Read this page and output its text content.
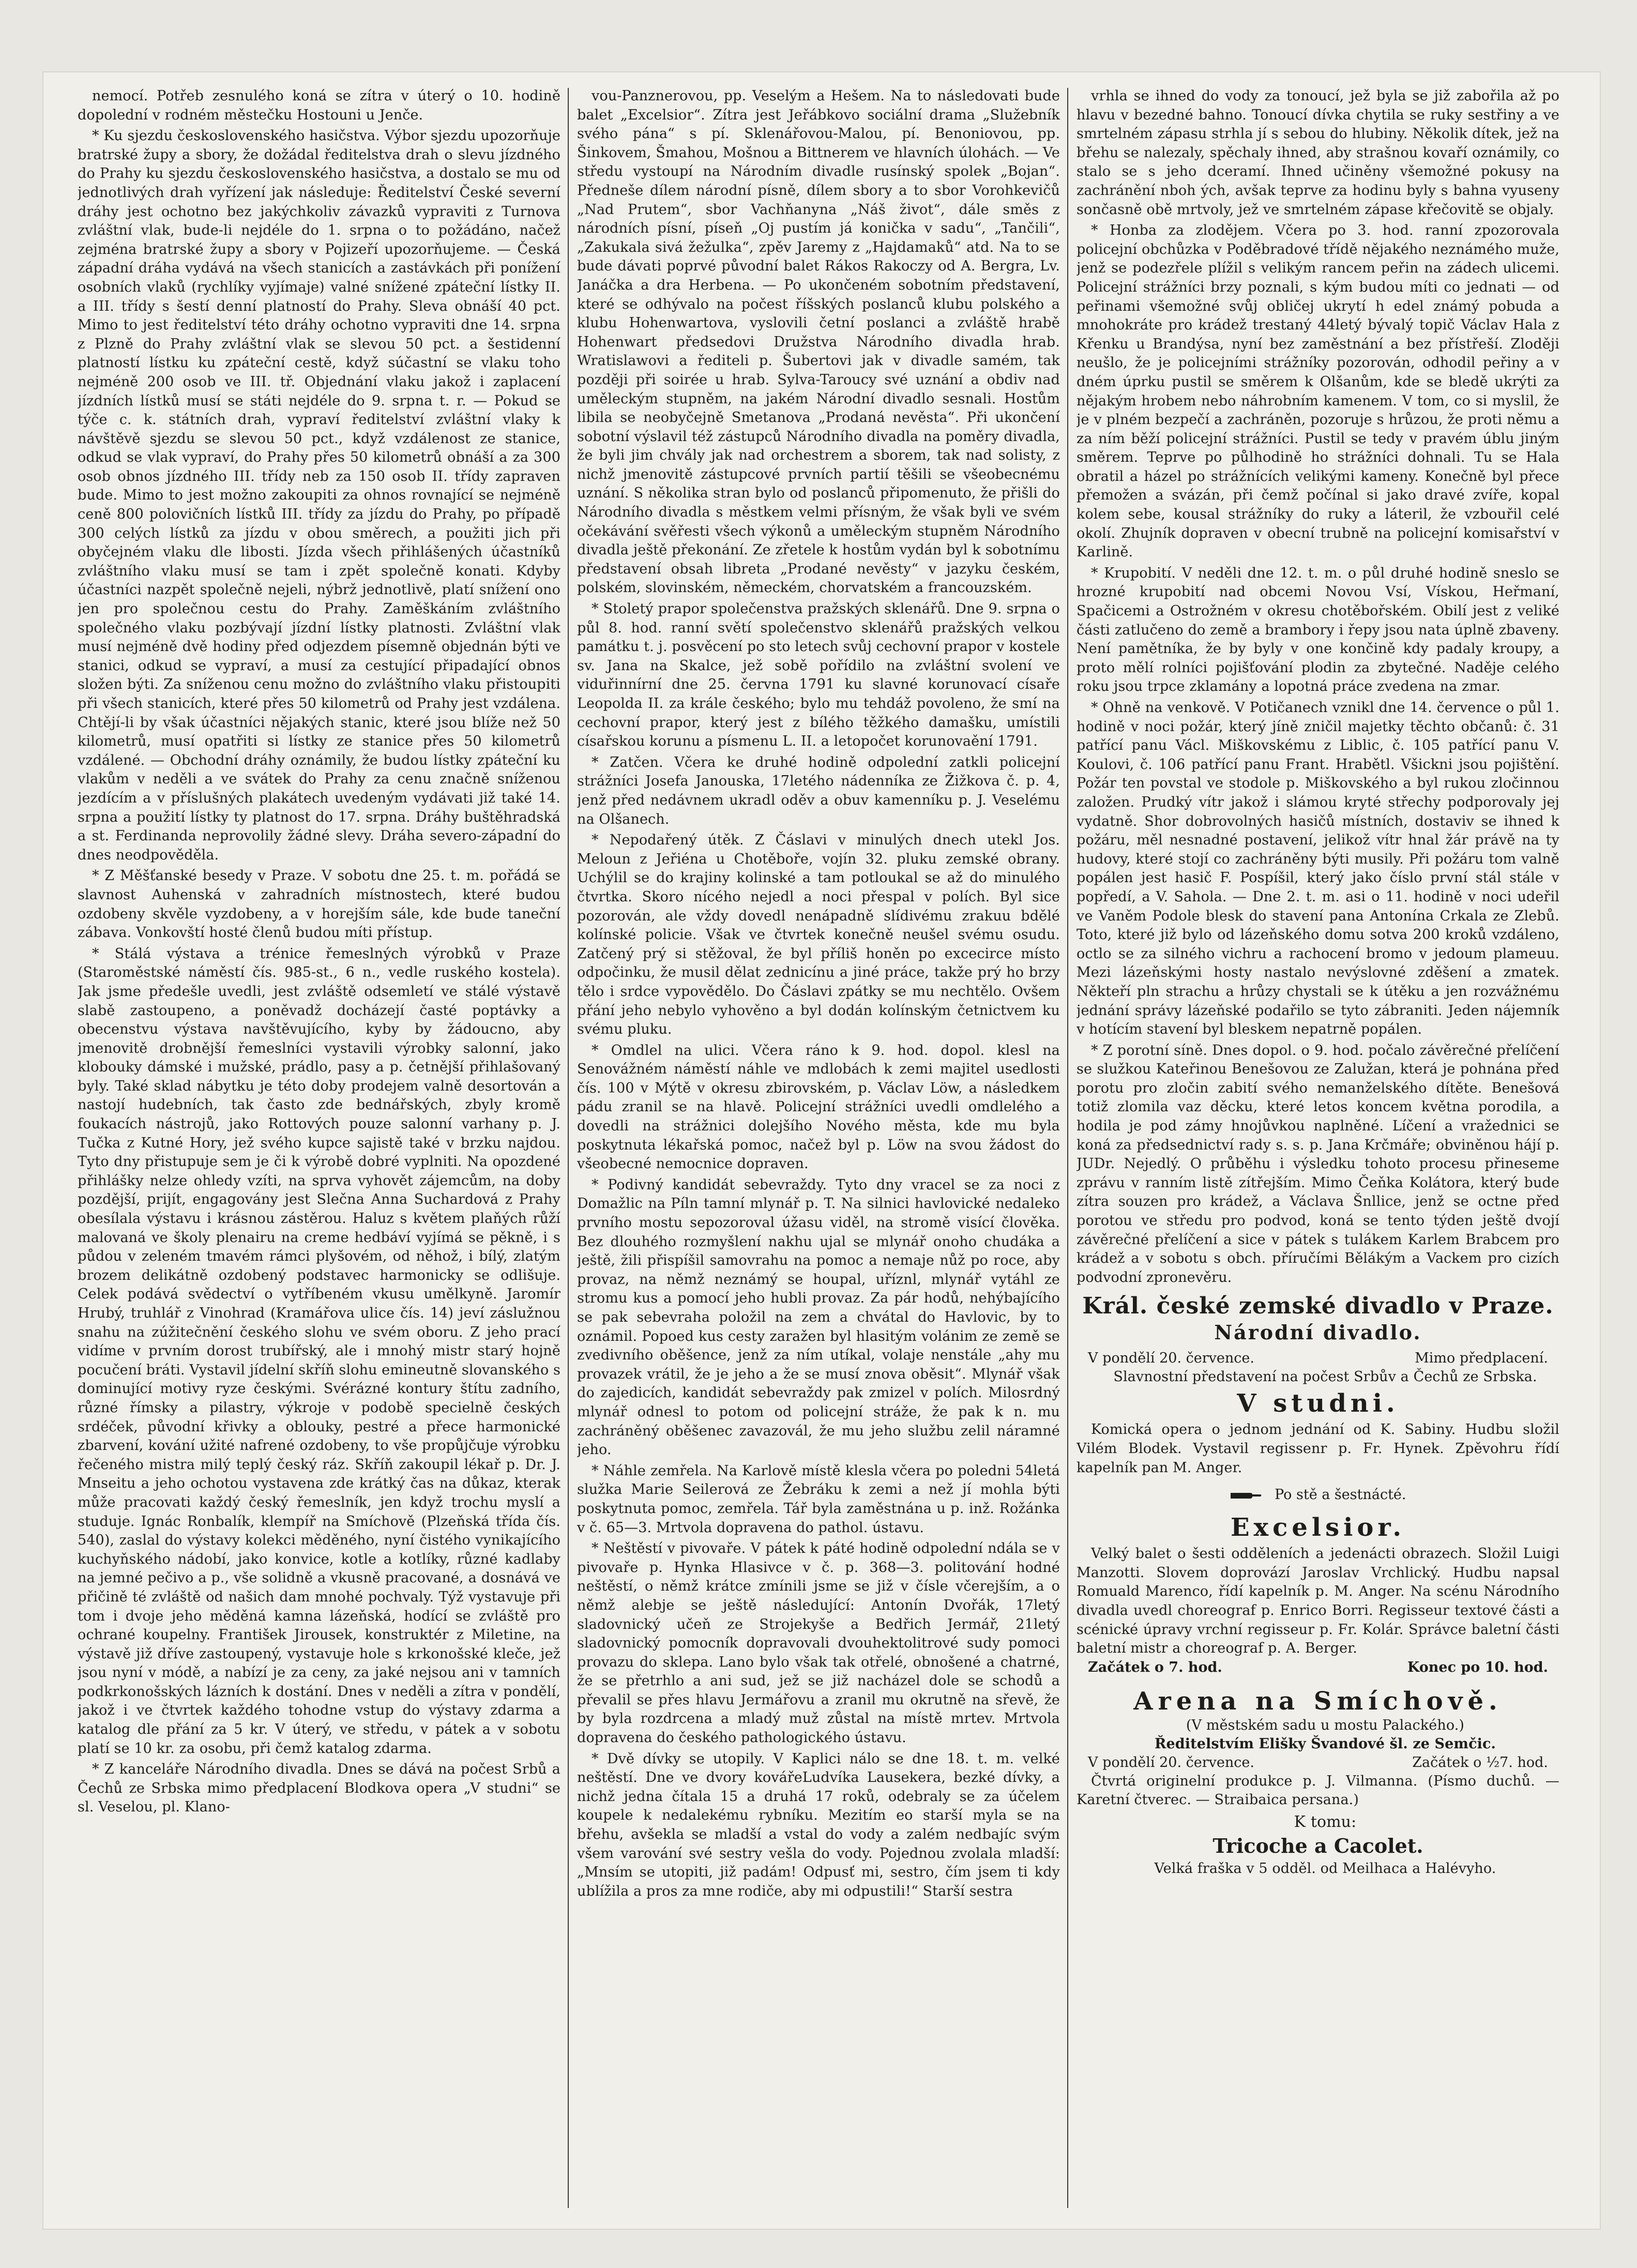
nemocí. Potřeb zesnulého koná se zítra v úterý o 10. hodině dopolední v rodném městečku Hostouni u Jenče.

* Ku sjezdu československého hasičstva. Výbor sjezdu upozorňuje bratrské župy a sbory, že dožádal ředitelstva drah o slevu jízdného do Prahy ku sjezdu československého hasičstva, a dostalo se mu od jednotlivých drah vyřízení jak následuje: Ředitelství České severní dráhy jest ochotno bez jakýchkoliv závazků vypraviti z Turnova zvláštní vlak, bude-li nejdéle do 1. srpna o to požádáno, načež zejména bratrské župy a sbory v Pojizeří upozorňujeme. — Česká západní dráha vydává na všech stanicích a zastávkách při ponížení osobních vlaků (rychlíky vyjímaje) valné snížené zpáteční lístky II. a III. třídy s šestí denní platností do Prahy. Sleva obnáší 40 pct. Mimo to jest ředitelství této dráhy ochotno vypraviti dne 14. srpna z Plzně do Prahy zvláštní vlak se slevou 50 pct. a šestidenní platností lístku ku zpáteční cestě, když súčastní se vlaku toho nejméně 200 osob ve III. tř. Objednání vlaku jakož i zaplacení jízdních lístků musí se státi nejdéle do 9. srpna t. r. — Pokud se týče c. k. státních drah, vypraví ředitelství zvláštní vlaky k návštěvě sjezdu se slevou 50 pct., když vzdálenost ze stanice, odkud se vlak vypraví, do Prahy přes 50 kilometrů obnáší a za 300 osob obnos jízdného III. třídy neb za 150 osob II. třídy zapraven bude. Mimo to jest možno zakoupiti za ohnos rovnající se nejméně ceně 800 polovičních lístků III. třídy za jízdu do Prahy, po případě 300 celých lístků za jízdu v obou směrech, a použiti jich při obyčejném vlaku dle libosti. Jízda všech přihlášených účastníků zvláštního vlaku musí se tam i zpět společně konati. Kdyby účastníci nazpět společně nejeli, nýbrž jednotlivě, platí snížení ono jen pro společnou cestu do Prahy. Zaměškáním zvláštního společného vlaku pozbývají jízdní lístky platnosti. Zvláštní vlak musí nejméně dvě hodiny před odjezdem písemně objednán býti ve stanici, odkud se vypraví, a musí za cestující připadající obnos složen býti. Za sníženou cenu možno do zvláštního vlaku přistoupiti při všech stanicích, které přes 50 kilometrů od Prahy jest vzdálena. Chtějí-li by však účastníci nějakých stanic, které jsou blíže než 50 kilometrů, musí opatřiti si lístky ze stanice přes 50 kilometrů vzdálené. — Obchodní dráhy oznámily, že budou lístky zpáteční ku vlakům v neděli a ve svátek do Prahy za cenu značně sníženou jezdícím a v příslušných plakátech uvedeným vydávati již také 14. srpna a použití lístky ty platnost do 17. srpna. Dráhy buštěhradská a st. Ferdinanda neprovolily žádné slevy. Dráha severo-západní do dnes neodpověděla.

* Z Měšťanské besedy v Praze. V sobotu dne 25. t. m. pořádá se slavnost Auhenská v zahradních místnostech, které budou ozdobeny skvěle vyzdobeny, a v horejším sále, kde bude taneční zábava. Vonkovští hosté členů budou míti přístup.

* Stálá výstava a trénice řemeslných výrobků v Praze (Staroměstské náměstí čís. 985-st., 6 n., vedle ruského kostela). Jak jsme předešle uvedli, jest zvláště odsemletí ve stálé výstavě slabě zastoupeno, a poněvadž docházejí časté poptávky a obecenstvu výstava navštěvujícího, kyby by žádoucno, aby jmenovitě drobnější řemeslníci vystavili výrobky salonní, jako klobouky dámské i mužské, prádlo, pasy a p. četnější přihlašovaný byly. Také sklad nábytku je této doby prodejem valně desortován a nastojí hudebních, tak často zde bednářských, zbyly kromě foukacích nástrojů, jako Rottových pouze salonní varhany p. J. Tučka z Kutné Hory, jež svého kupce sajistě také v brzku najdou. Tyto dny přistupuje sem je či k výrobě dobré vyplniti. Na opozdené přihlášky nelze ohledy vzíti, na sprva vyhovět zájemcům, na doby pozdější, prijít, engagovány jest Slečna Anna Suchardová z Prahy obesílala výstavu i krásnou zástěrou. Haluz s květem plaňých růží malovaná ve školy plenairu na creme hedbáví vyjímá se pěkně, i s půdou v zeleném tmavém rámci plyšovém, od něhož, i bílý, zlatým brozem delikátně ozdobený podstavec harmonicky se odlišuje. Celek podává svědectví o vytříbeném vkusu umělkyně. Jaromír Hrubý, truhlář z Vinohrad (Kramářova ulice čís. 14) jeví záslužnou snahu na zúžitečnění českého slohu ve svém oboru. Z jeho prací vidíme v prvním dorost trubířský, ale i mnohý mistr starý hojně pocučení bráti. Vystavil jídelní skříň slohu emineutně slovanského s dominující motivy ryze českými. Svérázné kontury štítu zadního, různé římsky a pilastry, výkroje v podobě specielně českých srdéček, původní křivky a oblouky, pestré a přece harmonické zbarvení, kování užité nafrené ozdobeny, to vše propůjčuje výrobku řečeného mistra milý teplý český ráz. Skříň zakoupil lékař p. Dr. J. Mnseitu a jeho ochotou vystavena zde krátký čas na důkaz, kterak může pracovati každý český řemeslník, jen když trochu myslí a studuje. Ignác Ronbalík, klempíř na Smíchově (Plzeňská třída čís. 540), zaslal do výstavy kolekci měděného, nyní čistého vynikajícího kuchyňského nádobí, jako konvice, kotle a kotlíky, různé kadlaby na jemné pečivo a p., vše solidně a vkusně pracované, a dosnává ve přičině té zvláště od našich dam mnohé pochvaly. Týž vystavuje při tom i dvoje jeho měděná kamna lázeňská, hodící se zvláště pro ochrané koupelny. František Jirousek, konstruktér z Miletine, na výstavě již dříve zastoupený, vystavuje hole s krkonošské kleče, jež jsou nyní v módě, a nabízí je za ceny, za jaké nejsou ani v tamních podkrkonošských lázních k dostání. Dnes v neděli a zítra v pondělí, jakož i ve čtvrtek každého tohodne vstup do výstavy zdarma a katalog dle přání za 5 kr. V úterý, ve středu, v pátek a v sobotu platí se 10 kr. za osobu, při čemž katalog zdarma.

* Z kanceláře Národního divadla. Dnes se dává na počest Srbů a Čechů ze Srbska mimo předplacení Blodkova opera „V studni“ se sl. Veselou, pl. Klano-

vou-Panznerovou, pp. Veselým a Hešem. Na to následovati bude balet „Excelsior“. Zítra jest Jeřábkovo sociální drama „Služebník svého pána“ s pí. Sklenářovou-Malou, pí. Benoniovou, pp. Šinkovem, Šmahou, Mošnou a Bittnerem ve hlavních úlohách. — Ve středu vystoupí na Národním divadle rusínský spolek „Bojan“. Předneše dílem národní písně, dílem sbory a to sbor Vorohkevičů „Nad Prutem“, sbor Vachňanyna „Náš život“, dále směs z národních písní, píseň „Oj pustím já konička v sadu“, „Tančili“, „Zakukala sivá žežulka“, zpěv Jaremy z „Hajdamaků“ atd. Na to se bude dávati poprvé původní balet Rákos Rakoczy od A. Bergra, Lv. Janáčka a dra Herbena. — Po ukončeném sobotním představení, které se odhývalo na počest říšských poslanců klubu polského a klubu Hohenwartova, vyslovili četní poslanci a zvláště hrabě Hohenwart předsedovi Družstva Národního divadla hrab. Wratislawovi a řediteli p. Šubertovi jak v divadle samém, tak později při soirée u hrab. Sylva-Taroucy své uznání a obdiv nad uměleckým stupněm, na jakém Národní divadlo sesnali. Hostům libila se neobyčejně Smetanova „Prodaná nevěsta“. Při ukončení sobotní výslavil též zástupců Národního divadla na poměry divadla, že byli jim chvály jak nad orchestrem a sborem, tak nad solisty, z nichž jmenovitě zástupcové prvních partií těšili se všeobecnému uznání. S několika stran bylo od poslanců připomenuto, že přišli do Národního divadla s městkem velmi přísným, že však byli ve svém očekávání svěřesti všech výkonů a uměleckým stupněm Národního divadla ještě překonání. Ze zřetele k hostům vydán byl k sobotnímu představení obsah libreta „Prodané nevěsty“ v jazyku českém, polském, slovinském, německém, chorvatském a francouzském.

* Stoletý prapor společenstva pražských sklenářů. Dne 9. srpna o půl 8. hod. ranní světí společenstvo sklenářů pražských velkou památku t. j. posvěcení po sto letech svůj cechovní prapor v kostele sv. Jana na Skalce, jež sobě pořídilo na zvláštní svolení ve viduřinnírní dne 25. června 1791 ku slavné korunovací císaře Leopolda II. za krále českého; bylo mu tehdáž povoleno, že smí na cechovní prapor, který jest z bílého těžkého damašku, umístili císařskou korunu a písmenu L. II. a letopočet korunovaění 1791.

* Zatčen. Včera ke druhé hodině odpolední zatkli policejní strážníci Josefa Janouska, 17letého nádenníka ze Žižkova č. p. 4, jenž před nedávnem ukradl oděv a obuv kamenníku p. J. Veselému na Olšanech.

* Nepodařený útěk. Z Čáslavi v minulých dnech utekl Jos. Meloun z Jeřiéna u Chotěboře, vojín 32. pluku zemské obrany. Uchýlil se do krajiny kolinské a tam potloukal se až do minulého čtvrtka. Skoro nícého nejedl a noci přespal v polích. Byl sice pozorován, ale vždy dovedl nenápadně slídivému zrakuu bdělé kolínské policie. Však ve čtvrtek konečně neušel svému osudu. Zatčený prý si stěžoval, že byl příliš honěn po excecirce místo odpočinku, že musil dělat zednicínu a jiné práce, takže prý ho brzy tělo i srdce vypovědělo. Do Čáslavi zpátky se mu nechtělo. Ovšem přání jeho nebylo vyhověno a byl dodán kolínským četnictvem ku svému pluku.

* Omdlel na ulici. Včera ráno k 9. hod. dopol. klesl na Senovážném náměstí náhle ve mdlobách k zemi majitel usedlosti čís. 100 v Mýtě v okresu zbirovském, p. Václav Löw, a následkem pádu zranil se na hlavě. Policejní strážníci uvedli omdlelého a dovedli na strážnici dolejšího Nového města, kde mu byla poskytnuta lékařská pomoc, načež byl p. Löw na svou žádost do všeobecné nemocnice dopraven.

* Podivný kandidát sebevraždy. Tyto dny vracel se za noci z Domažlic na Píln tamní mlynář p. T. Na silnici havlovické nedaleko prvního mostu sepozoroval úžasu viděl, na stromě visící člověka. Bez dlouhého rozmyšlení nakhu ujal se mlynář onoho chudáka a ještě, žili přispíšil samovrahu na pomoc a nemaje nůž po roce, aby provaz, na němž neznámý se houpal, uříznl, mlynář vytáhl ze stromu kus a pomocí jeho hubli provaz. Za pár hodů, nehýbajícího se pak sebevraha položil na zem a chvátal do Havlovic, by to oznámil. Popoed kus cesty zaražen byl hlasitým volánim ze země se zvedivního oběšence, jenž za ním utíkal, volaje nenstále „ahy mu provazek vrátil, že je jeho a že se musí znova oběsit“. Mlynář však do zajedicích, kandidát sebevraždy pak zmizel v polích. Milosrdný mlynář odnesl to potom od policejní stráže, že pak k n. mu zachráněný oběšenec zavazovál, že mu jeho službu zelil náramné jeho.

* Náhle zemřela. Na Karlově místě klesla včera po poledni 54letá služka Marie Seilerová ze Žebráku k zemi a než jí mohla býti poskytnuta pomoc, zemřela. Tář byla zaměstnána u p. inž. Rožánka v č. 65—3. Mrtvola dopravena do pathol. ústavu.

* Neštěstí v pivovaře. V pátek k páté hodině odpolední ndála se v pivovaře p. Hynka Hlasivce v č. p. 368—3. politování hodné neštěstí, o němž krátce zmínili jsme se již v čísle včerejším, a o němž alebje se ještě následující: Antonín Dvořák, 17letý sladovnický učeň ze Strojekyše a Bedřich Jermář, 21letý sladovnický pomocník dopravovali dvouhektolitrové sudy pomoci provazu do sklepa. Lano bylo však tak otřelé, obnošené a chatrné, že se přetrhlo a ani sud, jež se již nacházel dole se schodů a převalil se přes hlavu Jermářovu a zranil mu okrutně na sřevě, že by byla rozdrcena a mladý muž zůstal na místě mrtev. Mrtvola dopravena do českého pathologického ústavu.

* Dvě dívky se utopily. V Kaplici nálo se dne 18. t. m. velké neštěstí. Dne ve dvory kovářeLudvíka Lausekera, bezké dívky, a nichž jedna čítala 15 a druhá 17 roků, odebraly se za účelem koupele k nedalekému rybníku. Mezitím eo starší myla se na břehu, avšekla se mladší a vstal do vody a zalém nedbajíc svým všem varování své sestry vešla do vody. Pojednou zvolala mladší: „Mnsím se utopiti, již padám! Odpusť mi, sestro, čím jsem ti kdy ublížila a pros za mne rodiče, aby mi odpustili!“ Starší sestra

vrhla se ihned do vody za tonoucí, jež byla se již zabořila až po hlavu v bezedné bahno. Tonoucí dívka chytila se ruky sestřiny a ve smrtelném zápasu strhla jí s sebou do hlubiny. Několik dítek, jež na břehu se nalezaly, spěchaly ihned, aby strašnou kovaří oznámily, co stalo se s jeho dceramí. Ihned učiněny všemožné pokusy na zachránění nboh ých, avšak teprve za hodinu byly s bahna vyuseny sončasně obě mrtvoly, jež ve smrtelném zápase křečovitě se objaly.

* Honba za zlodějem. Včera po 3. hod. ranní zpozorovala policejní obchůzka v Poděbradové třídě nějakého neznámého muže, jenž se podezřele plížil s velikým rancem peřin na zádech ulicemi. Policejní strážníci brzy poznali, s kým budou míti co jednati — od peřinami všemožné svůj obličej ukrytí h edel známý pobuda a mnohokráte pro krádež trestaný 44letý bývalý topič Václav Hala z Křenku u Brandýsa, nyní bez zaměstnání a bez přístřeší. Zloději neušlo, že je policejními strážníky pozorován, odhodil peřiny a v dném úprku pustil se směrem k Olšanům, kde se bledě ukrýti za nějakým hrobem nebo náhrobním kamenem. V tom, co si myslil, že je v plném bezpečí a zachráněn, pozoruje s hrůzou, že proti němu a za ním běží policejní strážníci. Pustil se tedy v pravém úblu jiným směrem. Teprve po půlhodině ho strážníci dohnali. Tu se Hala obratil a házel po strážnících velikými kameny. Konečně byl přece přemožen a svázán, při čemž počínal si jako dravé zvíře, kopal kolem sebe, kousal strážníky do ruky a láteril, že vzbouřil celé okolí. Zhujník dopraven v obecní trubně na policejní komisařství v Karlině.

* Krupobití. V neděli dne 12. t. m. o půl druhé hodině sneslo se hrozné krupobití nad obcemi Novou Vsí, Vískou, Heřmaní, Spačicemi a Ostrožném v okresu chotěbořském. Obilí jest z veliké části zatlučeno do země a brambory i řepy jsou nata úplně zbaveny. Není pamětníka, že by byly v one končině kdy padaly kroupy, a proto mělí rolníci pojišťování plodin za zbytečné. Naděje celého roku jsou trpce zklamány a lopotná práce zvedena na zmar.

* Ohně na venkově. V Potičanech vznikl dne 14. července o půl 1. hodině v noci požár, který jíně zničil majetky těchto občanů: č. 31 patřící panu Václ. Miškovskému z Liblic, č. 105 patřící panu V. Koulovi, č. 106 patřící panu Frant. Hrabětl. Všickni jsou pojištění. Požár ten povstal ve stodole p. Miškovského a byl rukou zločinnou založen. Prudký vítr jakož i slámou kryté střechy podporovaly jej vydatně. Shor dobrovolných hasičů místních, dostaviv se ihned k požáru, měl nesnadné postavení, jelikož vítr hnal žár právě na ty hudovy, které stojí co zachráněny býti musily. Při požáru tom valně popálen jest hasič F. Pospíšil, který jako číslo první stál stále v popředí, a V. Sahola. — Dne 2. t. m. asi o 11. hodině v noci udeřil ve Vaněm Podole blesk do stavení pana Antonína Crkala ze Zlebů. Toto, které již bylo od lázeňského domu sotva 200 kroků vzdáleno, octlo se za silného vichru a rachocení bromo v jedoum plameuu. Mezi lázeňskými hosty nastalo nevýslovné zděšení a zmatek. Někteří pln strachu a hrůzy chystali se k útěku a jen rozvážnému jednání správy lázeňské podařilo se tyto zábraniti. Jeden nájemník v hotícím stavení byl bleskem nepatrně popálen.

* Z porotní síně. Dnes dopol. o 9. hod. počalo závěrečné přelíčení se služkou Kateřinou Benešovou ze Zalužan, která je pohnána před porotu pro zločin zabití svého nemanželského dítěte. Benešová totiž zlomila vaz děcku, které letos koncem května porodila, a hodila je pod zámy hnojůvkou naplněné. Líčení a vražednici se koná za předsednictví rady s. s. p. Jana Krčmáře; obviněnou hájí p. JUDr. Nejedlý. O průběhu i výsledku tohoto procesu přineseme zprávu v ranním listě zítřejším. Mimo Čeňka Kolátora, který bude zítra souzen pro krádež, a Václava Šnllice, jenž se octne před porotou ve středu pro podvod, koná se tento týden ještě dvojí závěrečné přelíčení a sice v pátek s tulákem Karlem Brabcem pro krádež a v sobotu s obch. příručími Bělákým a Vackem pro cizích podvodní zpronevěru.

Král. české zemské divadlo v Praze.
Národní divadlo.
V pondělí 20. července.	Mimo předplacení.

Slavnostní představení na počest Srbův a Čechů ze Srbska.

V studni.

Komická opera o jednom jednání od K. Sabiny. Hudbu složil Vilém Blodek. Vystavil regissenr p. Fr. Hynek. Zpěvohru řídí kapelník pan M. Anger.

Po stě a šestnácté.
Excelsior.

Velký balet o šesti odděleních a jedenácti obrazech. Složil Luigi Manzotti. Slovem doprovází Jaroslav Vrchlický. Hudbu napsal Romuald Marenco, řídí kapelník p. M. Anger. Na scénu Národního divadla uvedl choreograf p. Enrico Borri. Regisseur textové části a scénické úpravy vrchní regisseur p. Fr. Kolár. Správce baletní části baletní mistr a choreograf p. A. Berger.

Začátek o 7. hod.	Konec po 10. hod.
Arena na Smíchově.

(V městském sadu u mostu Palackého.)

Ředitelstvím Elišky Švandové šl. ze Semčic.

V pondělí 20. července.	Začátek o ½7. hod.

Čtvrtá originelní produkce p. J. Vilmanna. (Písmo duchů. — Karetní čtverec. — Straibaica persana.)

K tomu:

Tricoche a Cacolet.

Velká fraška v 5 odděl. od Meilhaca a Halévyho.
